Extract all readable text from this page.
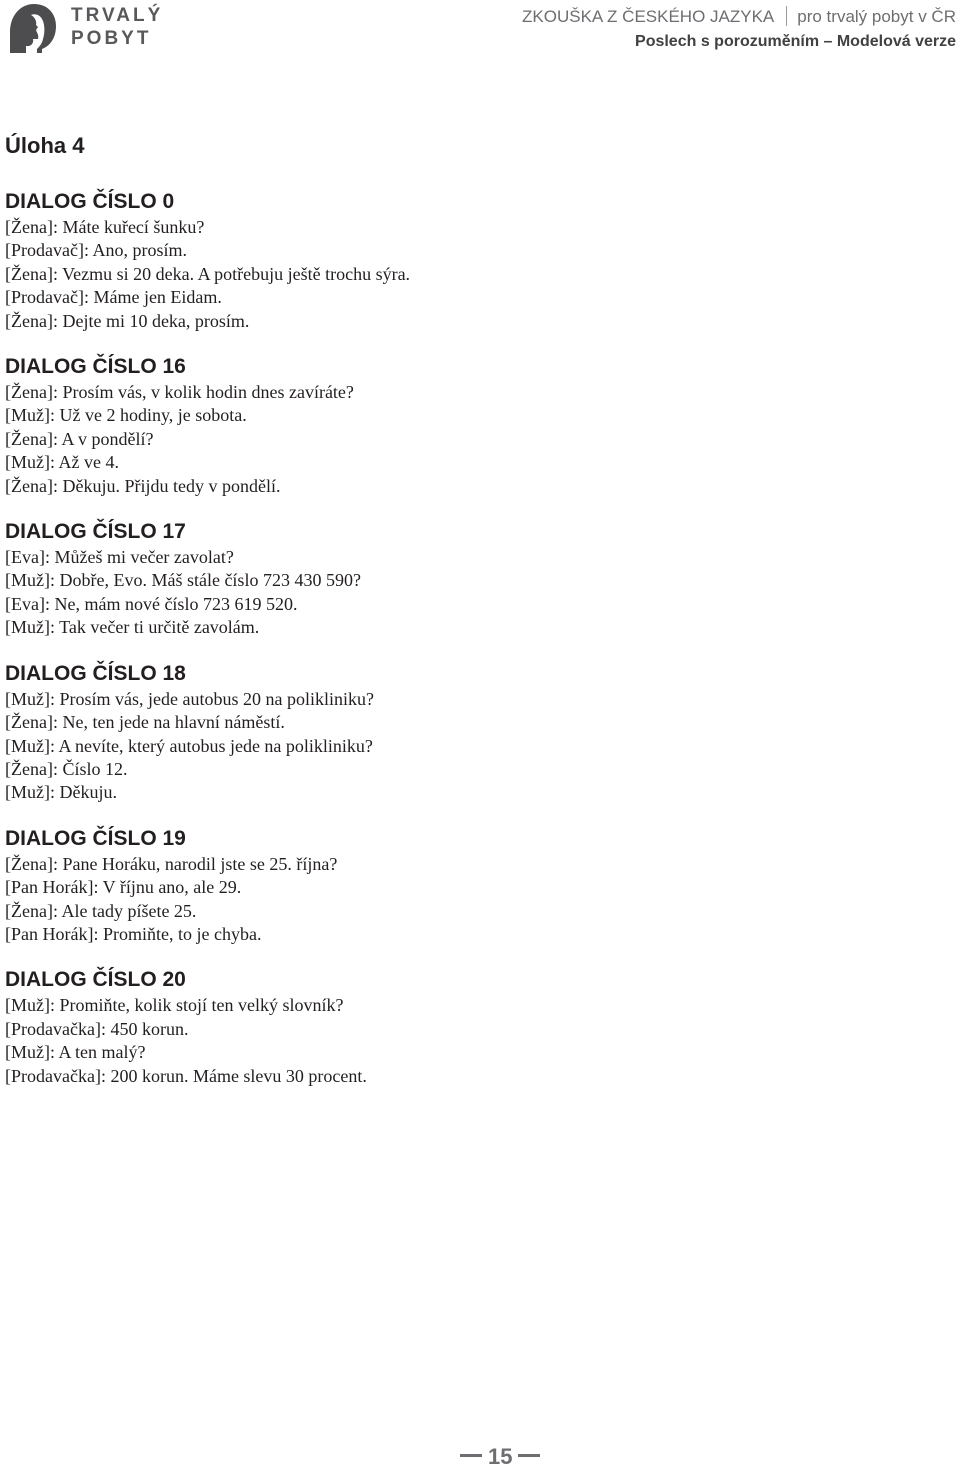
TRVALÝ
POBYT
ZKOUŠKA Z ČESKÉHO JAZYKA pro trvalý pobyt v ČR
Poslech s porozuměním – Modelová verze
Úloha 4
DIALOG ČÍSLO 0
[Žena]: Máte kuřecí šunku?
[Prodavač]: Ano, prosím.
[Žena]: Vezmu si 20 deka. A potřebuju ještě trochu sýra.
[Prodavač]: Máme jen Eidam.
[Žena]: Dejte mi 10 deka, prosím.
DIALOG ČÍSLO 16
[Žena]: Prosím vás, v kolik hodin dnes zavíráte?
[Muž]: Už ve 2 hodiny, je sobota.
[Žena]: A v pondělí?
[Muž]: Až ve 4.
[Žena]: Děkuju. Přijdu tedy v pondělí.
DIALOG ČÍSLO 17
[Eva]: Můžeš mi večer zavolat?
[Muž]: Dobře, Evo. Máš stále číslo 723 430 590?
[Eva]: Ne, mám nové číslo 723 619 520.
[Muž]: Tak večer ti určitě zavolám.
DIALOG ČÍSLO 18
[Muž]: Prosím vás, jede autobus 20 na polikliniku?
[Žena]: Ne, ten jede na hlavní náměstí.
[Muž]: A nevíte, který autobus jede na polikliniku?
[Žena]: Číslo 12.
[Muž]: Děkuju.
DIALOG ČÍSLO 19
[Žena]: Pane Horáku, narodil jste se 25. října?
[Pan Horák]: V říjnu ano, ale 29.
[Žena]: Ale tady píšete 25.
[Pan Horák]: Promiňte, to je chyba.
DIALOG ČÍSLO 20
[Muž]: Promiňte, kolik stojí ten velký slovník?
[Prodavačka]: 450 korun.
[Muž]: A ten malý?
[Prodavačka]: 200 korun. Máme slevu 30 procent.
15
